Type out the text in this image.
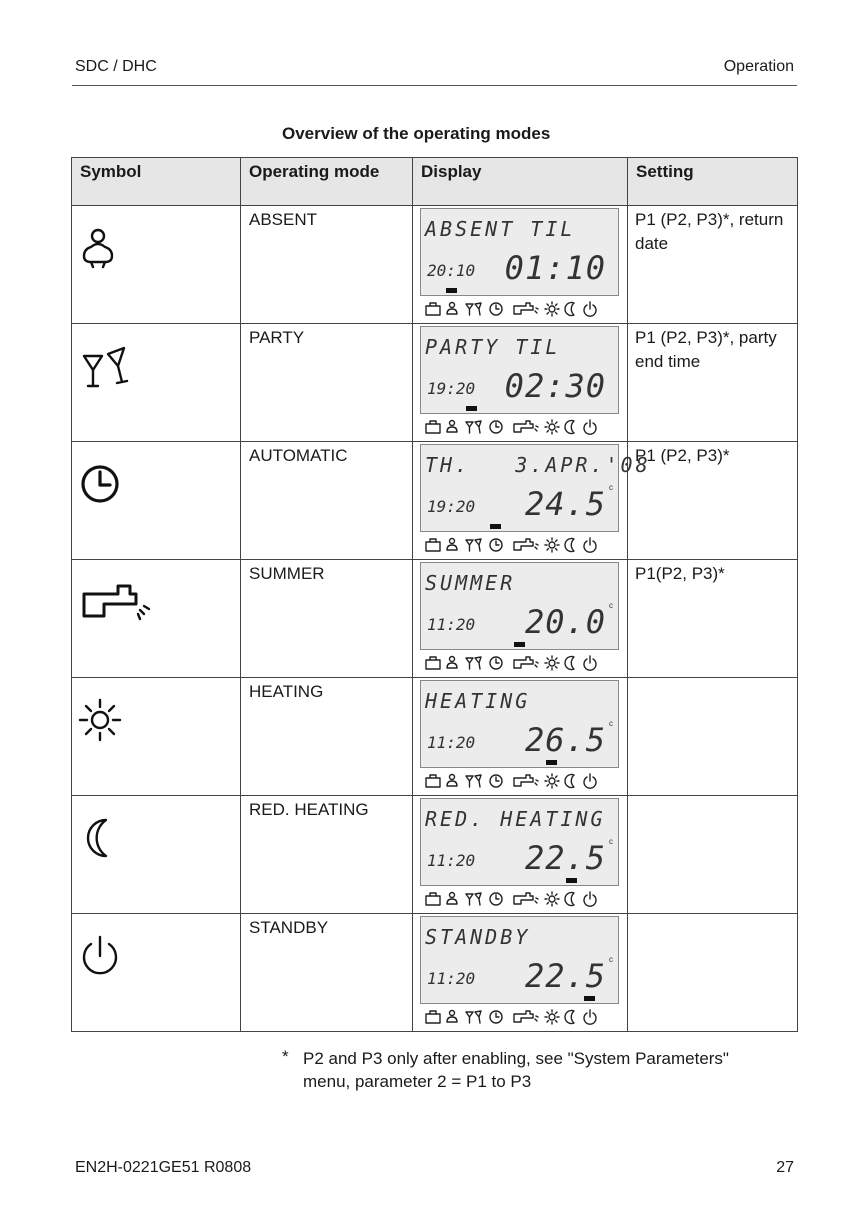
SDC / DHC	Operation
Overview of the operating modes
Symbol	Operating mode	Display	Setting

	ABSENT	ABSENT TIL
20:10 01:10	P1 (P2, P3)*, return date

	PARTY	PARTY TIL
19:20 02:30	P1 (P2, P3)*, party end time

	AUTOMATIC	TH.   3.APR.'08
19:20 24.5 c	P1 (P2, P3)*

	SUMMER	SUMMER
11:20 20.0 c	P1(P2, P3)*

	HEATING	HEATING
11:20 26.5 c	

	RED. HEATING	RED. HEATING
11:20 22.5 c	

	STANDBY	STANDBY
11:20 22.5 c	

* P2 and P3 only after enabling, see "System Parameters" menu, parameter 2 = P1 to P3
EN2H-0221GE51 R0808	27
